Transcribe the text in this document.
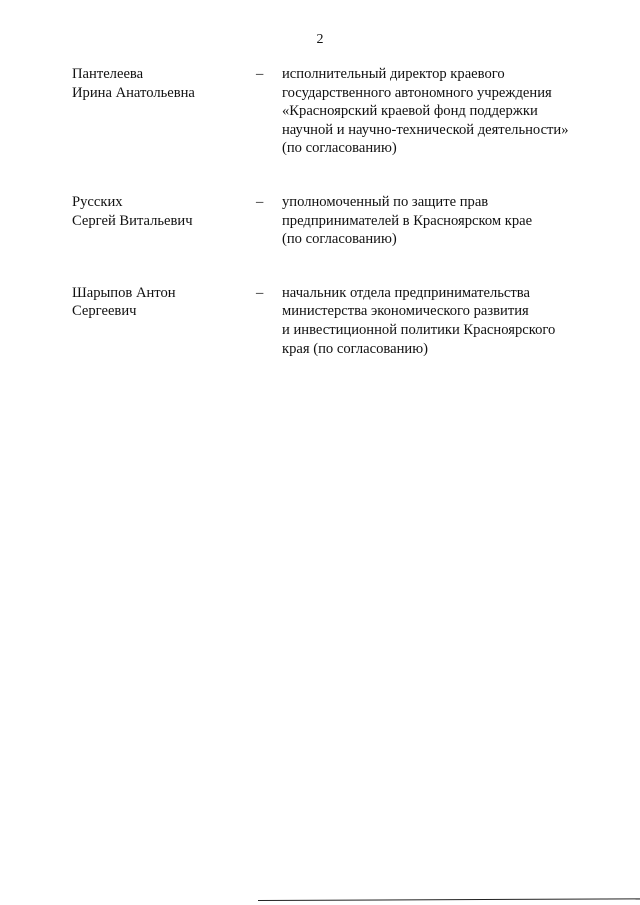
2
Пантелеева
Ирина Анатольевна
– исполнительный директор краевого
государственного автономного учреждения
«Красноярский краевой фонд поддержки
научной и научно-технической деятельности»
(по согласованию)
Русских
Сергей Витальевич
– уполномоченный по защите прав
предпринимателей в Красноярском крае
(по согласованию)
Шарыпов Антон
Сергеевич
– начальник отдела предпринимательства
министерства экономического развития
и инвестиционной политики Красноярского
края (по согласованию)
